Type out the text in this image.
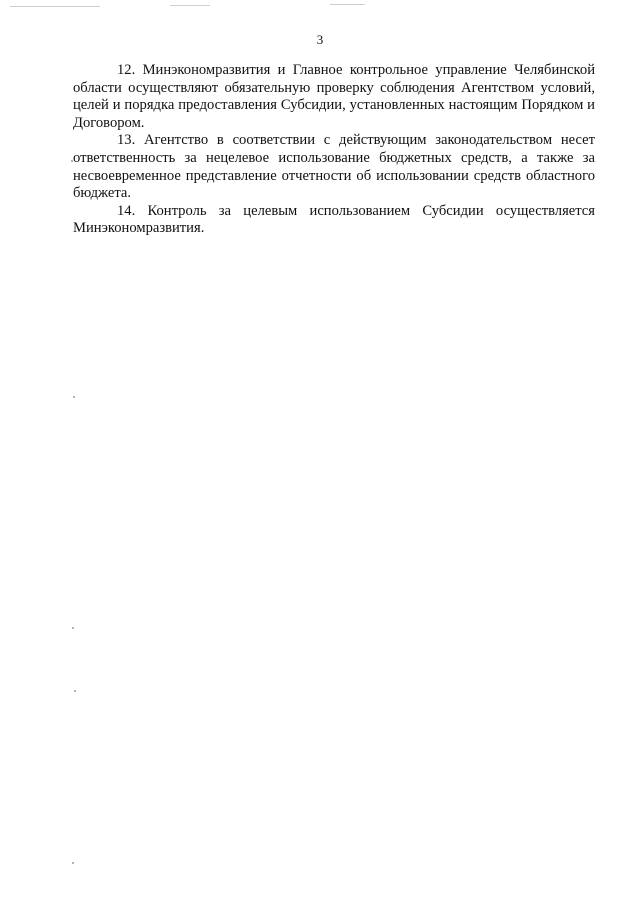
3

12. Минэкономразвития и Главное контрольное управление Челябинской области осуществляют обязательную проверку соблюдения Агентством условий, целей и порядка предоставления Субсидии, установленных настоящим Порядком и Договором.

13. Агентство в соответствии с действующим законодательством несет ответственность за нецелевое использование бюджетных средств, а также за несвоевременное представление отчетности об использовании средств областного бюджета.

14. Контроль за целевым использованием Субсидии осуществляется Минэкономразвития.
